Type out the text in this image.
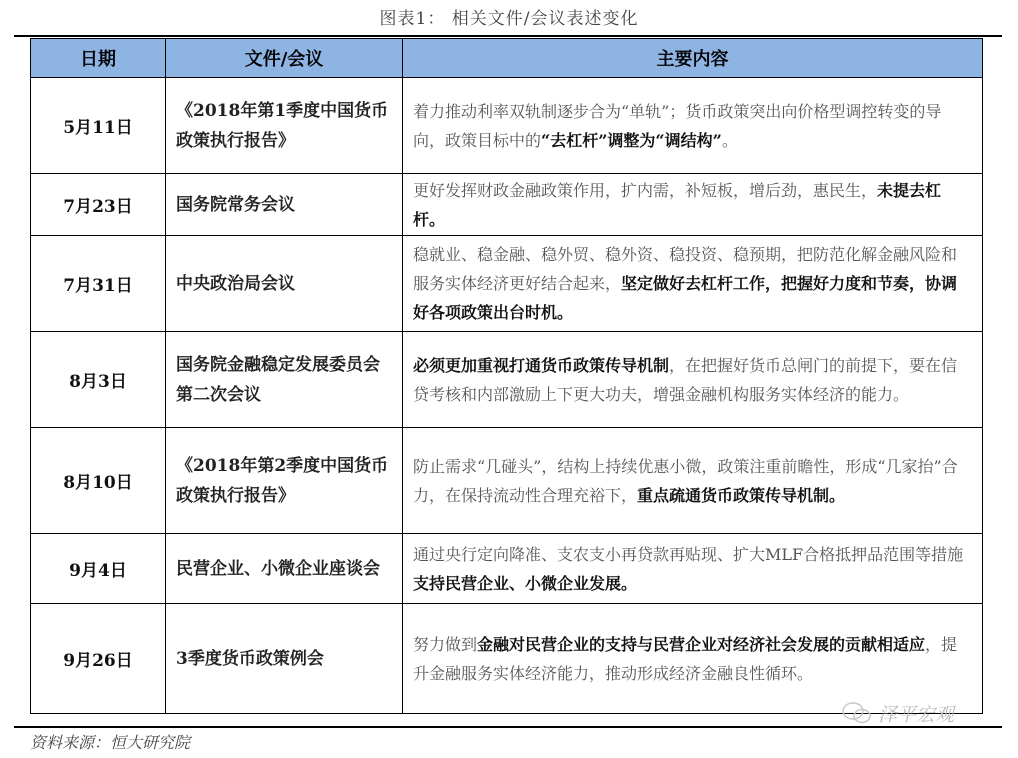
图表1： 相关文件/会议表述变化
日期	文件/会议	主要内容
5月11日	《2018年第1季度中国货币政策执行报告》	着力推动利率双轨制逐步合为“单轨”；货币政策突出向价格型调控转变的导向，政策目标中的“去杠杆”调整为“调结构”。
7月23日	国务院常务会议	更好发挥财政金融政策作用，扩内需，补短板，增后劲，惠民生，未提去杠杆。
7月31日	中央政治局会议	稳就业、稳金融、稳外贸、稳外资、稳投资、稳预期，把防范化解金融风险和服务实体经济更好结合起来，坚定做好去杠杆工作，把握好力度和节奏，协调好各项政策出台时机。
8月3日	国务院金融稳定发展委员会第二次会议	必须更加重视打通货币政策传导机制，在把握好货币总闸门的前提下，要在信贷考核和内部激励上下更大功夫，增强金融机构服务实体经济的能力。
8月10日	《2018年第2季度中国货币政策执行报告》	防止需求“几碰头”，结构上持续优惠小微，政策注重前瞻性，形成“几家抬”合力，在保持流动性合理充裕下，重点疏通货币政策传导机制。
9月4日	民营企业、小微企业座谈会	通过央行定向降准、支农支小再贷款再贴现、扩大MLF合格抵押品范围等措施支持民营企业、小微企业发展。
9月26日	3季度货币政策例会	努力做到金融对民营企业的支持与民营企业对经济社会发展的贡献相适应，提升金融服务实体经济能力，推动形成经济金融良性循环。
资料来源：恒大研究院
泽平宏观
